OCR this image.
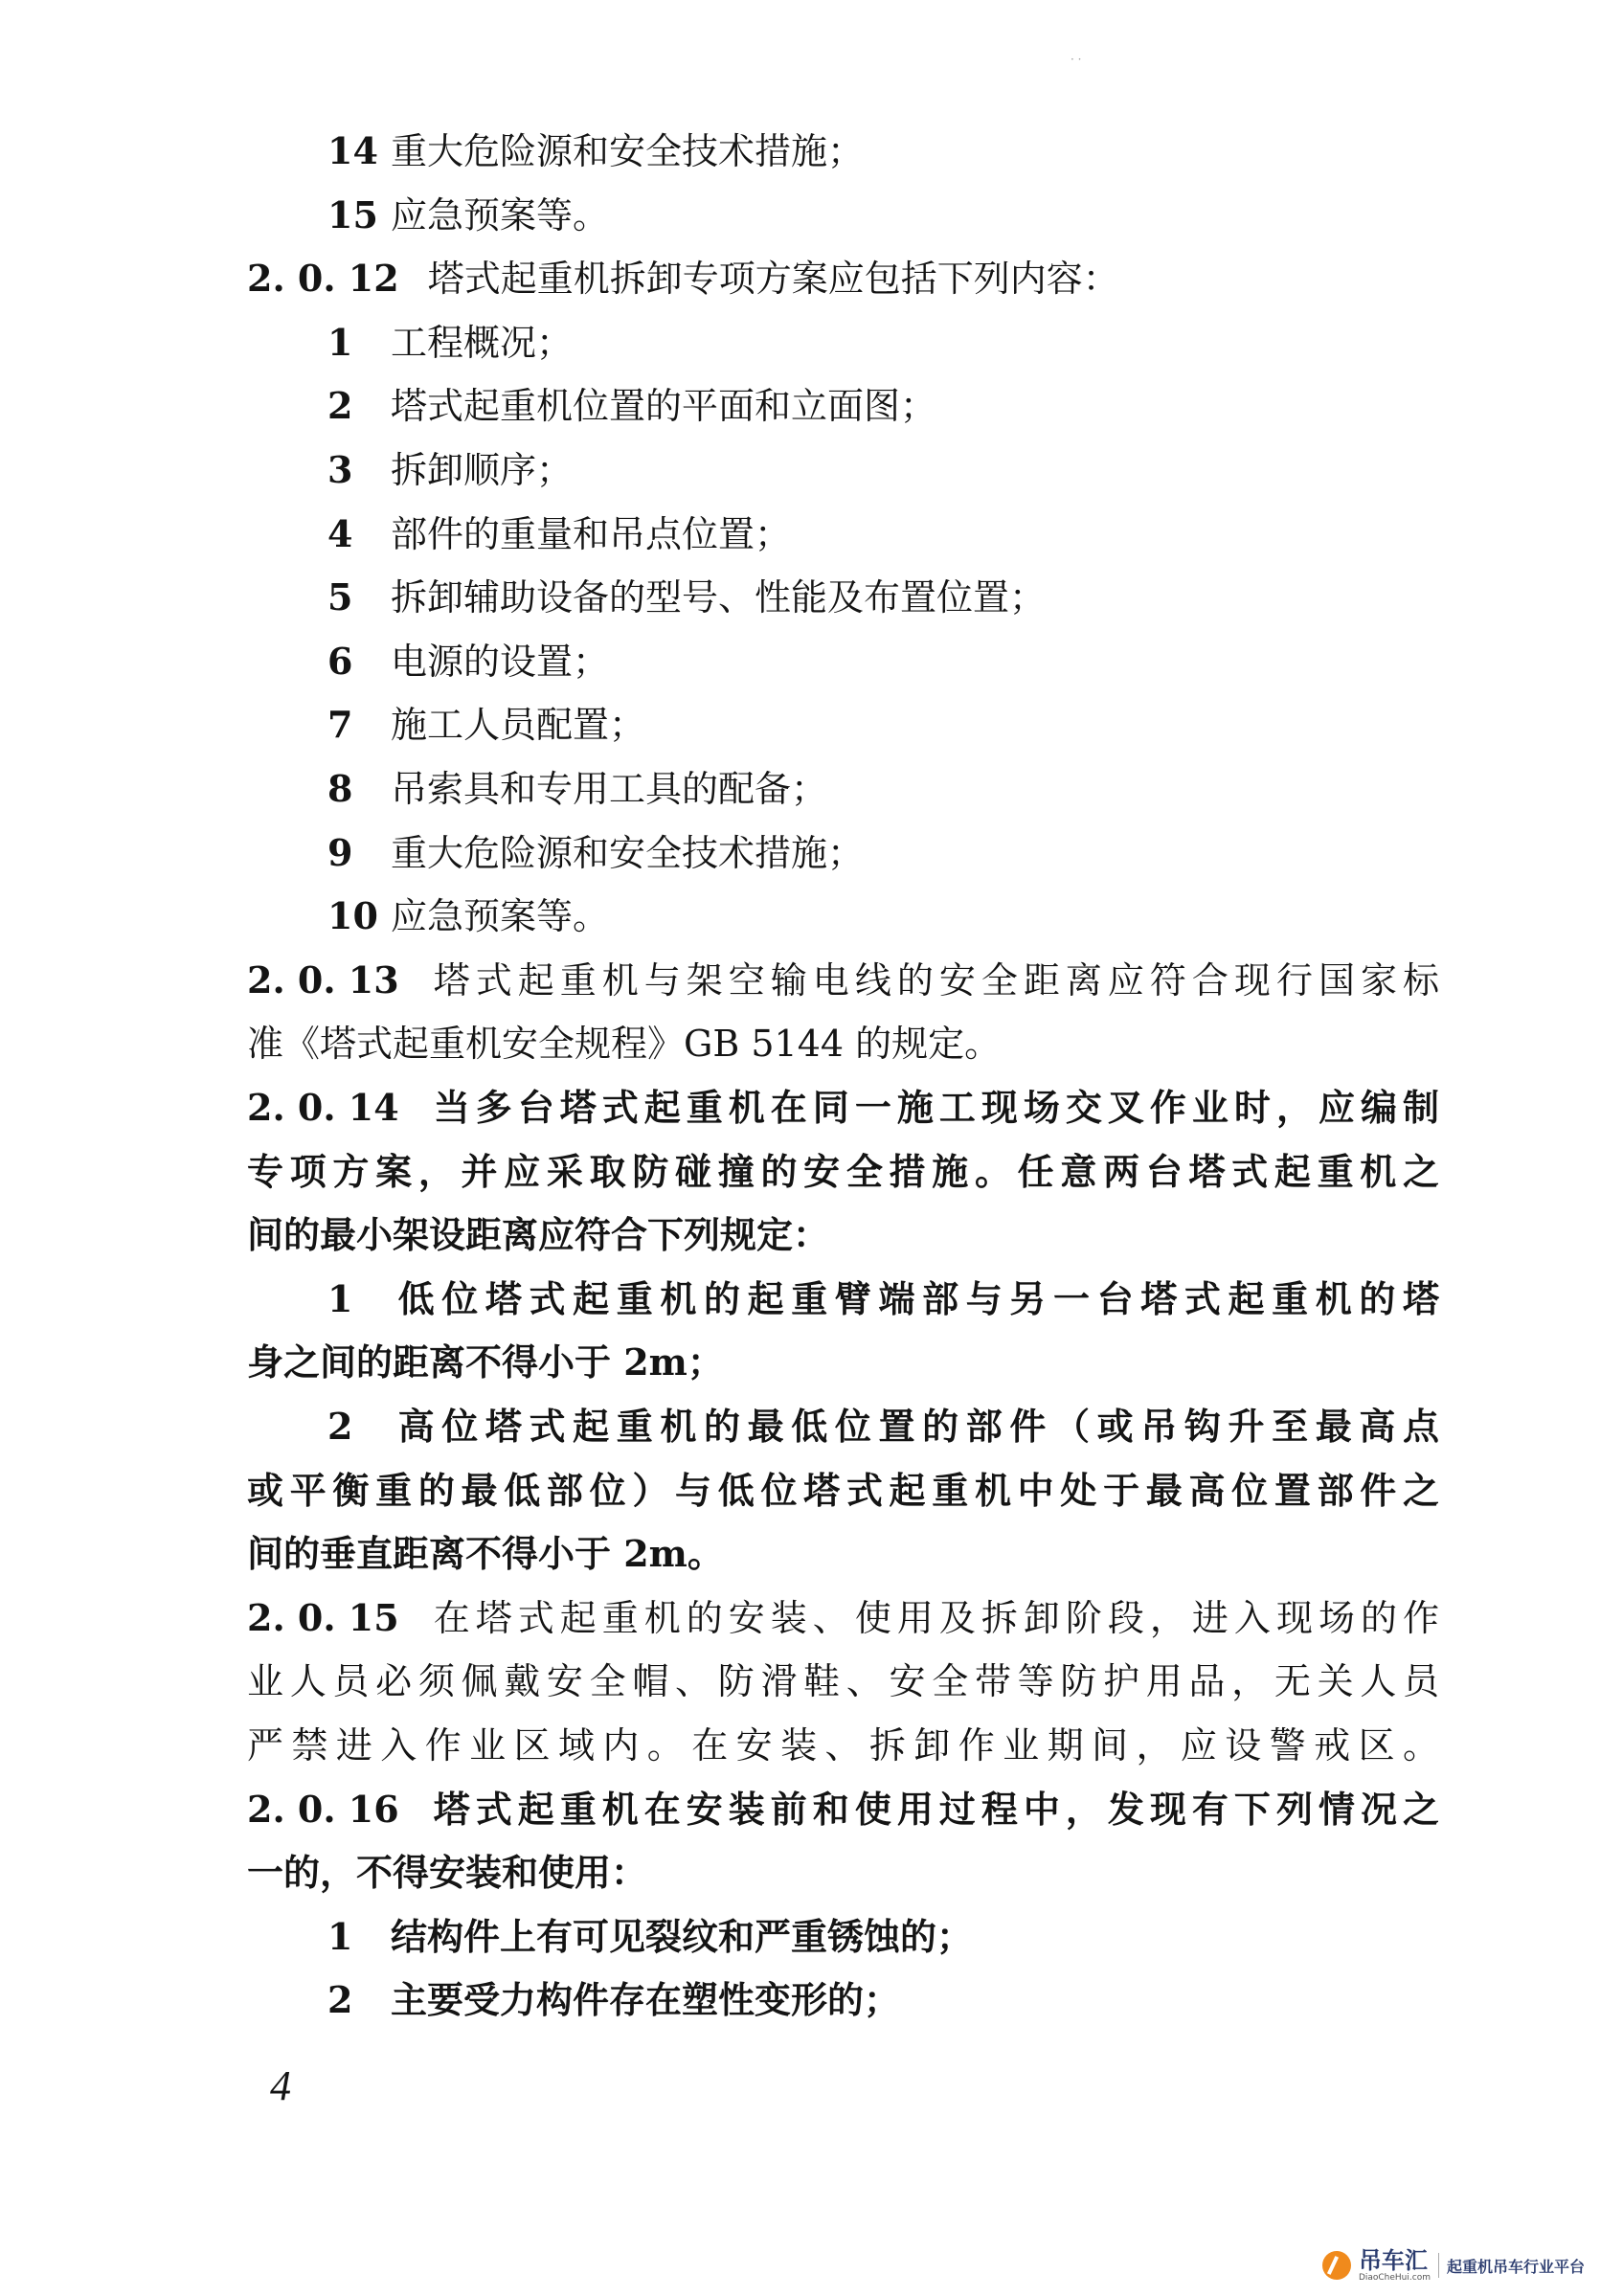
· ·
4
吊车汇
DiaoCheHui.com
起重机吊车行业平台
14 重大危险源和安全技术措施；
15 应急预案等。
2. 0. 12 塔式起重机拆卸专项方案应包括下列内容：
1 工程概况；
2 塔式起重机位置的平面和立面图；
3 拆卸顺序；
4 部件的重量和吊点位置；
5 拆卸辅助设备的型号、性能及布置位置；
6 电源的设置；
7 施工人员配置；
8 吊索具和专用工具的配备；
9 重大危险源和安全技术措施；
10 应急预案等。
2. 0. 13 塔式起重机与架空输电线的安全距离应符合现行国家标
准《塔式起重机安全规程》GB 5144 的规定。
2. 0. 14 当多台塔式起重机在同一施工现场交叉作业时，应编制
专项方案，并应采取防碰撞的安全措施。任意两台塔式起重机之
间的最小架设距离应符合下列规定：
1 低位塔式起重机的起重臂端部与另一台塔式起重机的塔
身之间的距离不得小于 2m；
2 高位塔式起重机的最低位置的部件（或吊钩升至最高点
或平衡重的最低部位）与低位塔式起重机中处于最高位置部件之
间的垂直距离不得小于 2m。
2. 0. 15 在塔式起重机的安装、使用及拆卸阶段，进入现场的作
业人员必须佩戴安全帽、防滑鞋、安全带等防护用品，无关人员
严禁进入作业区域内。在安装、拆卸作业期间，应设警戒区。
2. 0. 16 塔式起重机在安装前和使用过程中，发现有下列情况之
一的，不得安装和使用：
1 结构件上有可见裂纹和严重锈蚀的；
2 主要受力构件存在塑性变形的；
